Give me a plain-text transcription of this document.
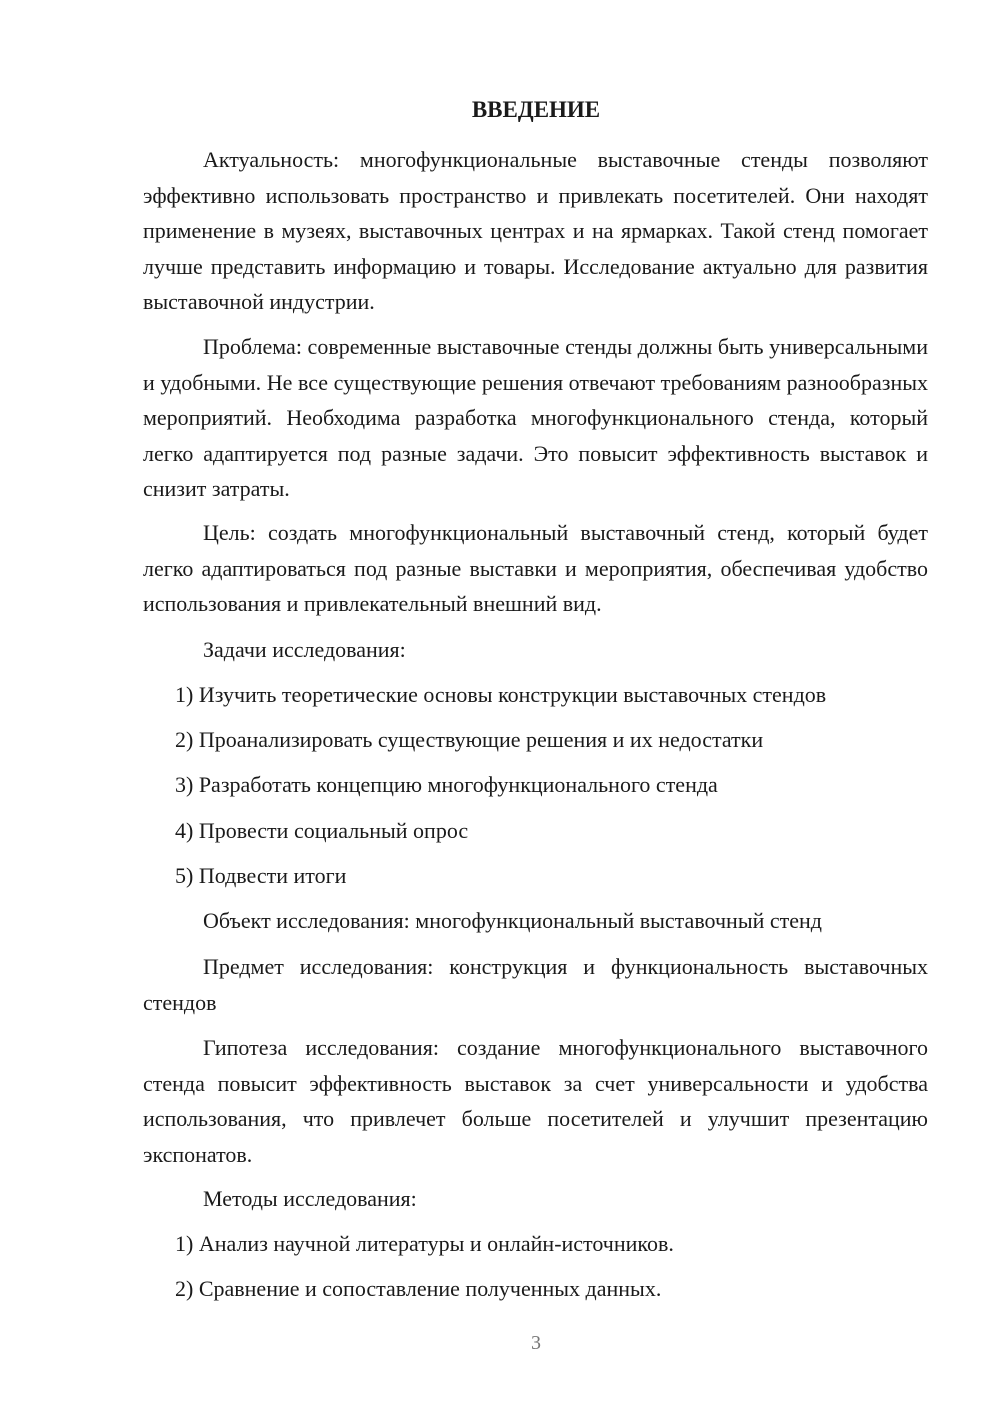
ВВЕДЕНИЕ

Актуальность: многофункциональные выставочные стенды позволяют эффективно использовать пространство и привлекать посетителей. Они находят применение в музеях, выставочных центрах и на ярмарках. Такой стенд помогает лучше представить информацию и товары. Исследование актуально для развития выставочной индустрии.

Проблема: современные выставочные стенды должны быть универсальными и удобными. Не все существующие решения отвечают требованиям разнообразных мероприятий. Необходима разработка многофункционального стенда, который легко адаптируется под разные задачи. Это повысит эффективность выставок и снизит затраты.

Цель: создать многофункциональный выставочный стенд, который будет легко адаптироваться под разные выставки и мероприятия, обеспечивая удобство использования и привлекательный внешний вид.

Задачи исследования:

1) Изучить теоретические основы конструкции выставочных стендов

2) Проанализировать существующие решения и их недостатки

3) Разработать концепцию многофункционального стенда

4) Провести социальный опрос

5) Подвести итоги

Объект исследования: многофункциональный выставочный стенд

Предмет исследования: конструкция и функциональность выставочных стендов

Гипотеза исследования: создание многофункционального выставочного стенда повысит эффективность выставок за счет универсальности и удобства использования, что привлечет больше посетителей и улучшит презентацию экспонатов.

Методы исследования:

1) Анализ научной литературы и онлайн-источников.

2) Сравнение и сопоставление полученных данных.

3
